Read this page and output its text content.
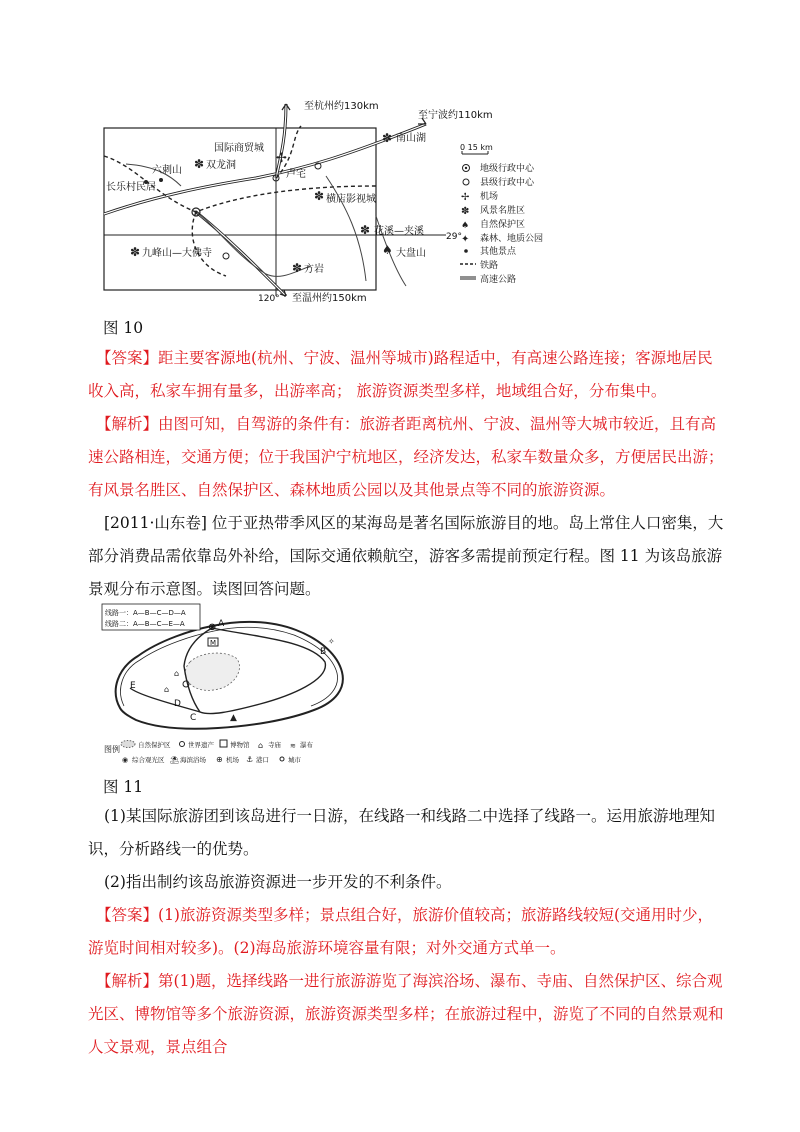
✢
✽
✽
✽
✽
✽
✽
♠
至杭州约130km
至宁波约110km
至温州约150km
120°
29°
国际商贸城
六刺山 双龙洞
长乐村民居
卢宅
横店影视城
南山湖
花溪—夹溪
大盘山
九峰山—大佛寺
方岩
0 15 km
✢
✽
♠
✦
地级行政中心
县级行政中心
机场
风景名胜区
自然保护区
森林、地质公园
其他景点
铁路
高速公路
图 10

【答案】距主要客源地(杭州、宁波、温州等城市)路程适中，有高速公路连接；客源地居民收入高，私家车拥有量多，出游率高； 旅游资源类型多样，地域组合好，分布集中。

【解析】由图可知，自驾游的条件有：旅游者距离杭州、宁波、温州等大城市较近，且有高速公路相连，交通方便；位于我国沪宁杭地区，经济发达，私家车数量众多，方便居民出游；有风景名胜区、自然保护区、森林地质公园以及其他景点等不同的旅游资源。

[2011·山东卷] 位于亚热带季风区的某海岛是著名国际旅游目的地。岛上常住人口密集，大部分消费品需依靠岛外补给，国际交通依赖航空，游客多需提前预定行程。图 11 为该岛旅游景观分布示意图。读图回答问题。

⊕
M
▲
⌂
⌂
✧
A
B
C
D
E
线路一：A—B—C—D—A
线路二：A—B—C—E—A
图例	自然保护区	世界遗产 博物馆 ⌂ 寺庙 ≋ 瀑布
◉ 综合观光区 ⛱ 海滨浴场 ⊕ 机场 ⚓ 港口	城市
图 11

(1)某国际旅游团到该岛进行一日游，在线路一和线路二中选择了线路一。运用旅游地理知识，分析路线一的优势。

(2)指出制约该岛旅游资源进一步开发的不利条件。

【答案】(1)旅游资源类型多样；景点组合好，旅游价值较高；旅游路线较短(交通用时少，游览时间相对较多)。(2)海岛旅游环境容量有限；对外交通方式单一。

【解析】第(1)题，选择线路一进行旅游游览了海滨浴场、瀑布、寺庙、自然保护区、综合观光区、博物馆等多个旅游资源，旅游资源类型多样；在旅游过程中，游览了不同的自然景观和人文景观，景点组合
